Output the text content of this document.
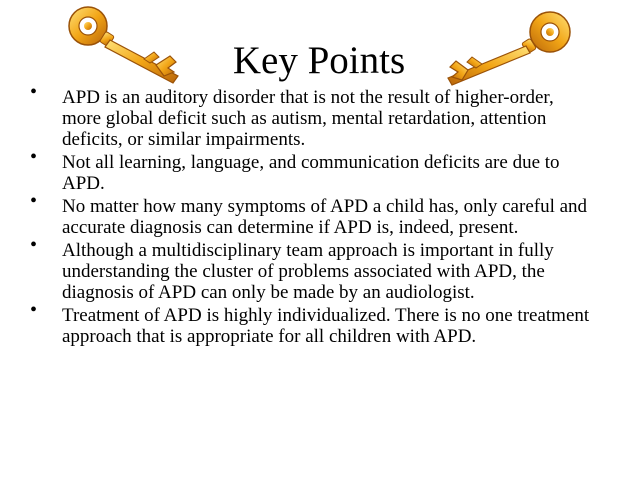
Key Points
• APD is an auditory disorder that is not the result of higher-order, more global deficit such as autism, mental retardation, attention deficits, or similar impairments.
• Not all learning, language, and communication deficits are due to APD.
• No matter how many symptoms of APD a child has, only careful and accurate diagnosis can determine if APD is, indeed, present.
• Although a multidisciplinary team approach is important in fully understanding the cluster of problems associated with APD, the diagnosis of APD can only be made by an audiologist.
• Treatment of APD is highly individualized. There is no one treatment approach that is appropriate for all children with APD.
